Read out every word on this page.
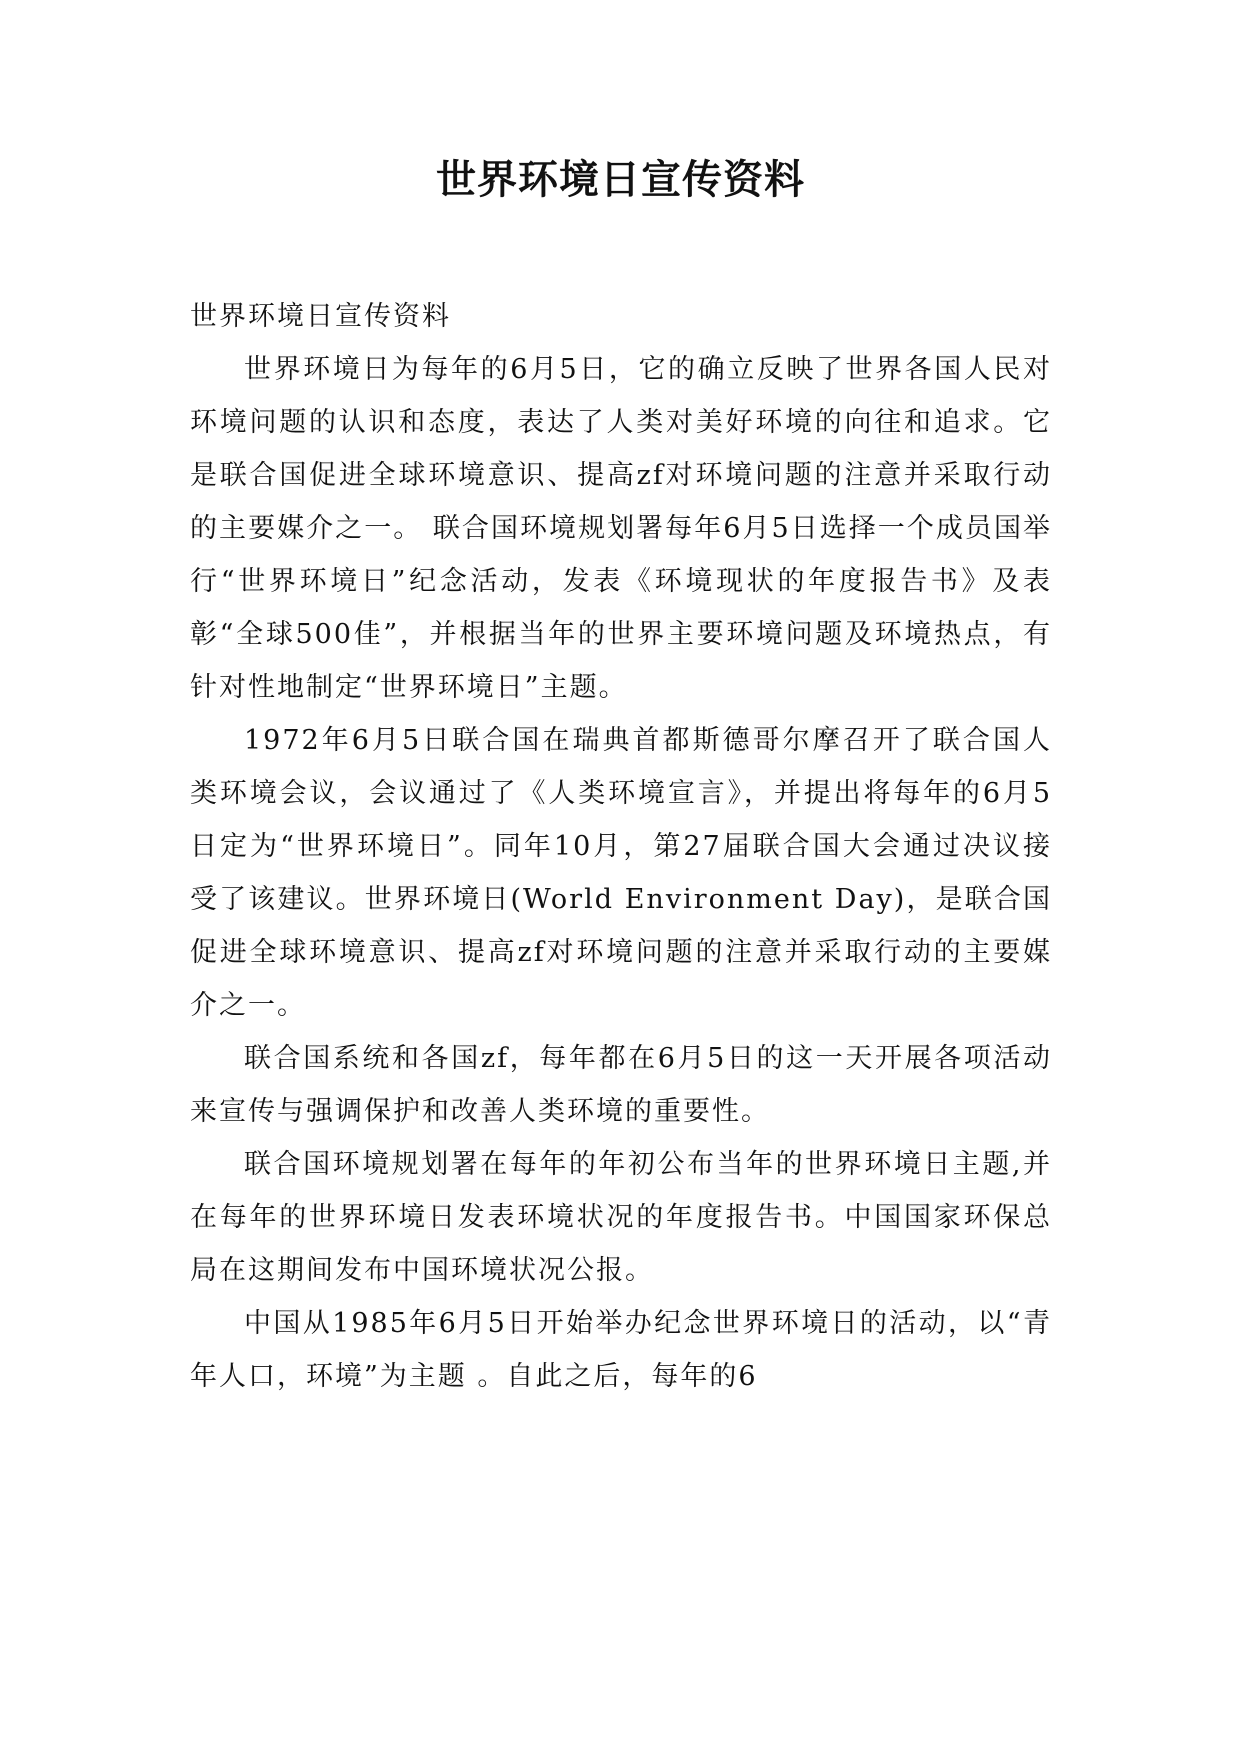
世界环境日宣传资料

世界环境日宣传资料

世界环境日为每年的6月5日，它的确立反映了世界各国人民对环境问题的认识和态度，表达了人类对美好环境的向往和追求。它是联合国促进全球环境意识、提高zf对环境问题的注意并采取行动的主要媒介之一。 联合国环境规划署每年6月5日选择一个成员国举行“世界环境日”纪念活动，发表《环境现状的年度报告书》及表彰“全球500佳”，并根据当年的世界主要环境问题及环境热点，有针对性地制定“世界环境日”主题。

1972年6月5日联合国在瑞典首都斯德哥尔摩召开了联合国人类环境会议，会议通过了《人类环境宣言》，并提出将每年的6月5日定为“世界环境日”。同年10月，第27届联合国大会通过决议接受了该建议。世界环境日(World Environment Day)，是联合国促进全球环境意识、提高zf对环境问题的注意并采取行动的主要媒介之一。

联合国系统和各国zf，每年都在6月5日的这一天开展各项活动来宣传与强调保护和改善人类环境的重要性。

联合国环境规划署在每年的年初公布当年的世界环境日主题,并在每年的世界环境日发表环境状况的年度报告书。中国国家环保总局在这期间发布中国环境状况公报。

中国从1985年6月5日开始举办纪念世界环境日的活动，以“青年人口，环境”为主题 。自此之后，每年的6
